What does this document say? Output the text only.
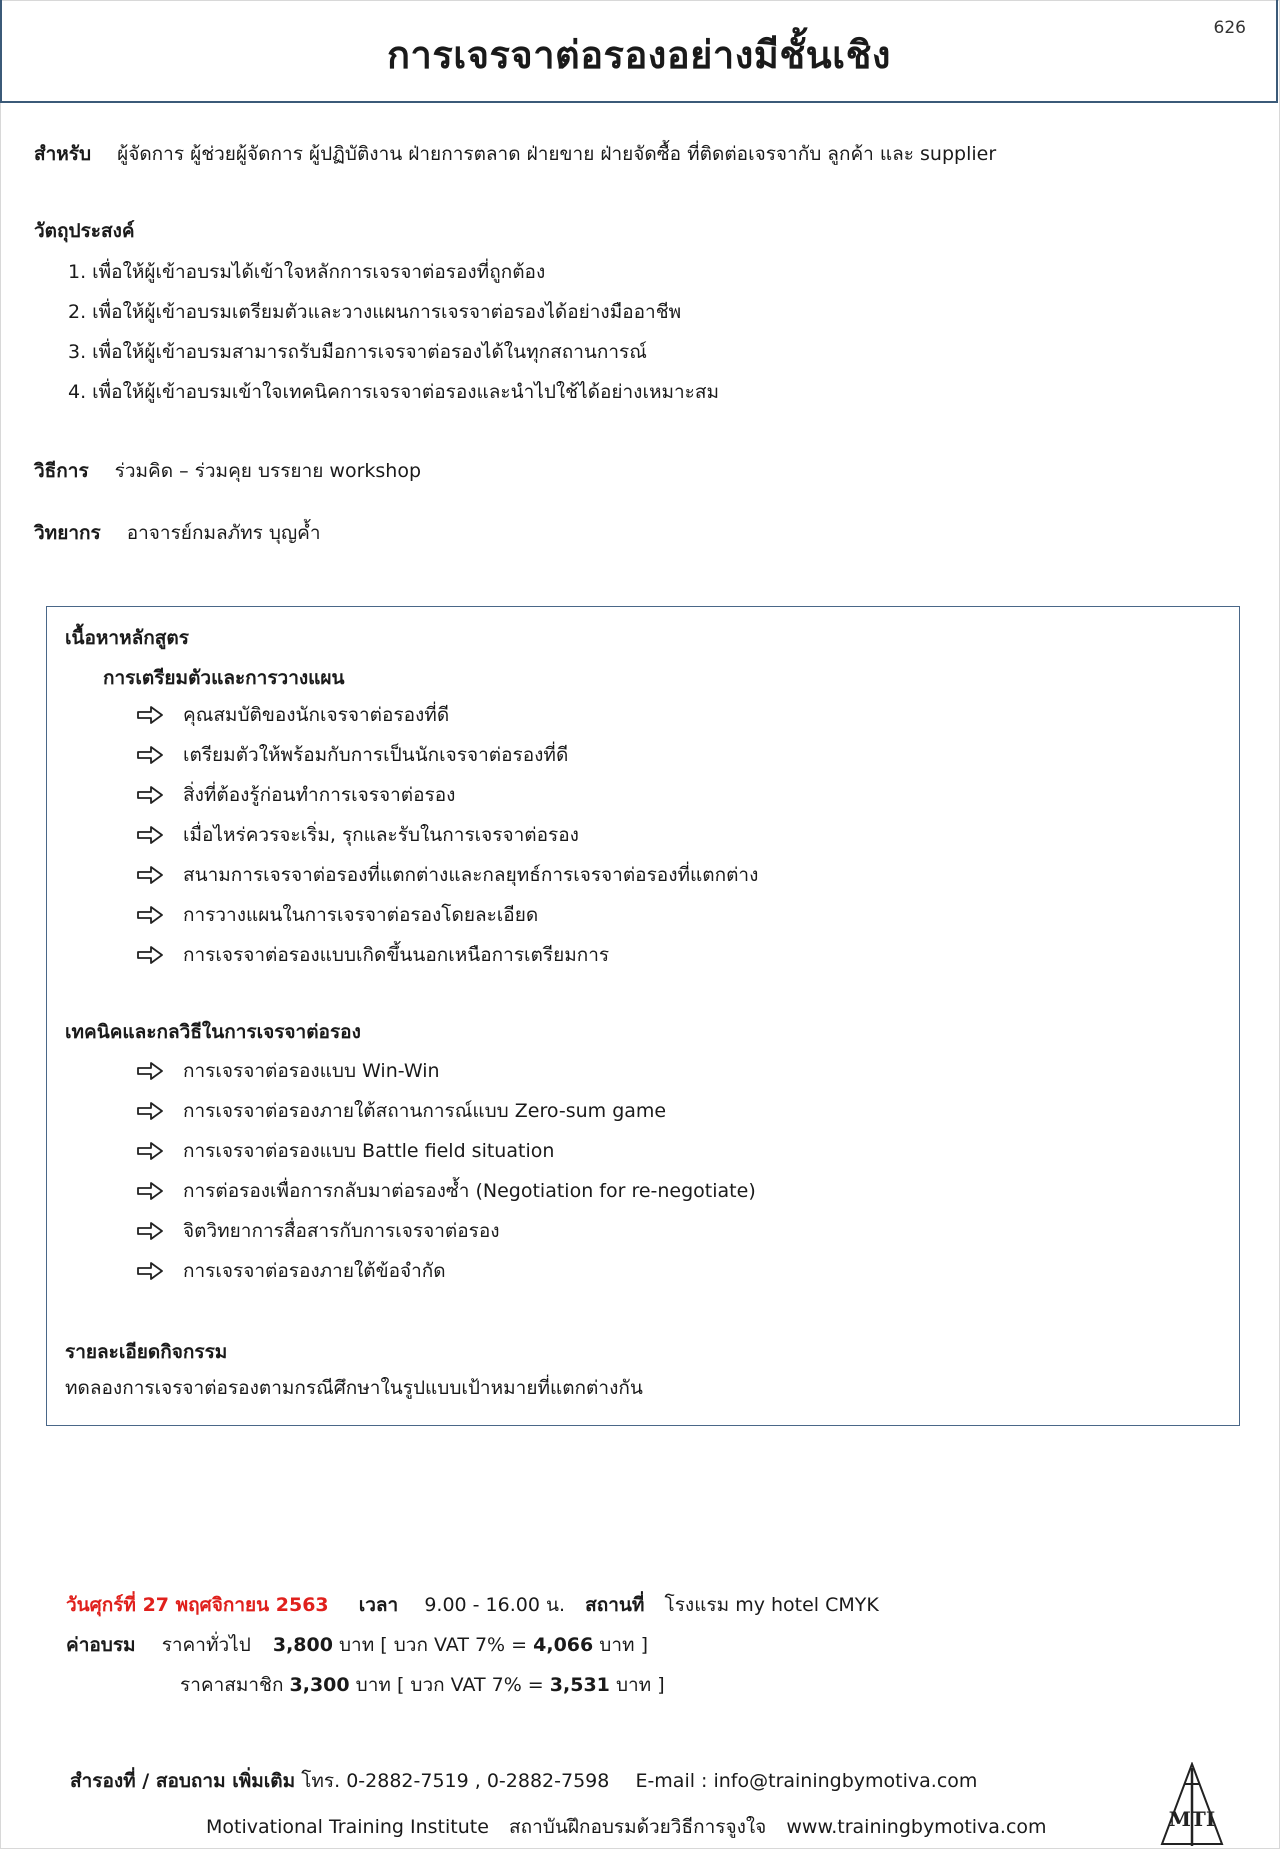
626
การเจรจาต่อรองอย่างมีชั้นเชิง
สำหรับ ผู้จัดการ ผู้ช่วยผู้จัดการ ผู้ปฏิบัติงาน ฝ่ายการตลาด ฝ่ายขาย ฝ่ายจัดซื้อ ที่ติดต่อเจรจากับ ลูกค้า และ supplier
วัตถุประสงค์
1. เพื่อให้ผู้เข้าอบรมได้เข้าใจหลักการเจรจาต่อรองที่ถูกต้อง
2. เพื่อให้ผู้เข้าอบรมเตรียมตัวและวางแผนการเจรจาต่อรองได้อย่างมืออาชีพ
3. เพื่อให้ผู้เข้าอบรมสามารถรับมือการเจรจาต่อรองได้ในทุกสถานการณ์
4. เพื่อให้ผู้เข้าอบรมเข้าใจเทคนิคการเจรจาต่อรองและนำไปใช้ได้อย่างเหมาะสม
วิธีการ ร่วมคิด – ร่วมคุย บรรยาย workshop
วิทยากร อาจารย์กมลภัทร บุญค้ำ
เนื้อหาหลักสูตร
การเตรียมตัวและการวางแผน
คุณสมบัติของนักเจรจาต่อรองที่ดี
เตรียมตัวให้พร้อมกับการเป็นนักเจรจาต่อรองที่ดี
สิ่งที่ต้องรู้ก่อนทำการเจรจาต่อรอง
เมื่อไหร่ควรจะเริ่ม, รุกและรับในการเจรจาต่อรอง
สนามการเจรจาต่อรองที่แตกต่างและกลยุทธ์การเจรจาต่อรองที่แตกต่าง
การวางแผนในการเจรจาต่อรองโดยละเอียด
การเจรจาต่อรองแบบเกิดขึ้นนอกเหนือการเตรียมการ
เทคนิคและกลวิธีในการเจรจาต่อรอง
การเจรจาต่อรองแบบ Win-Win
การเจรจาต่อรองภายใต้สถานการณ์แบบ Zero-sum game
การเจรจาต่อรองแบบ Battle field situation
การต่อรองเพื่อการกลับมาต่อรองซ้ำ (Negotiation for re-negotiate)
จิตวิทยาการสื่อสารกับการเจรจาต่อรอง
การเจรจาต่อรองภายใต้ข้อจำกัด
รายละเอียดกิจกรรม
ทดลองการเจรจาต่อรองตามกรณีศึกษาในรูปแบบเป้าหมายที่แตกต่างกัน
วันศุกร์ที่ 27 พฤศจิกายน 2563 เวลา 9.00 - 16.00 น. สถานที่ โรงแรม my hotel CMYK
ค่าอบรม ราคาทั่วไป 3,800 บาท [ บวก VAT 7% = 4,066 บาท ]
ราคาสมาชิก 3,300 บาท [ บวก VAT 7% = 3,531 บาท ]
สำรองที่ / สอบถาม เพิ่มเติม โทร. 0-2882-7519 , 0-2882-7598 E-mail : info@trainingbymotiva.com
Motivational Training Institute สถาบันฝึกอบรมด้วยวิธีการจูงใจ www.trainingbymotiva.com	MTI
